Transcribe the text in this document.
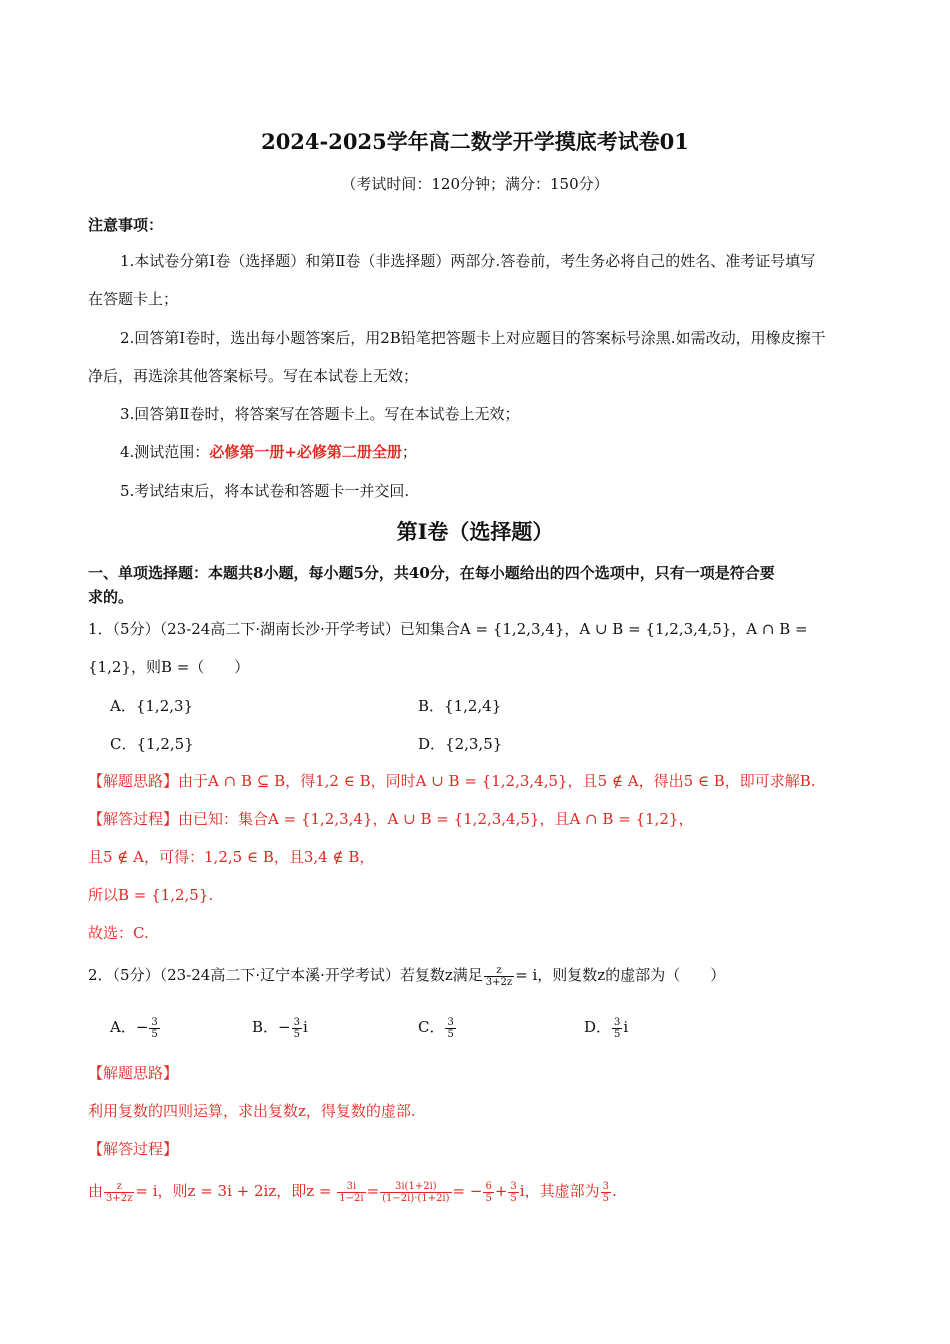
2024-2025学年高二数学开学摸底考试卷01
（考试时间：120分钟；满分：150分）
注意事项：
1.本试卷分第Ⅰ卷（选择题）和第Ⅱ卷（非选择题）两部分.答卷前，考生务必将自己的姓名、准考证号填写
在答题卡上；
2.回答第Ⅰ卷时，选出每小题答案后，用2B铅笔把答题卡上对应题目的答案标号涂黑.如需改动，用橡皮擦干
净后，再选涂其他答案标号。写在本试卷上无效；
3.回答第Ⅱ卷时，将答案写在答题卡上。写在本试卷上无效；
4.测试范围：必修第一册+必修第二册全册；
5.考试结束后，将本试卷和答题卡一并交回.
第Ⅰ卷（选择题）
一、单项选择题：本题共8小题，每小题5分，共40分，在每小题给出的四个选项中，只有一项是符合要
求的。
1．（5分）（23-24高二下·湖南长沙·开学考试）已知集合A = {1,2,3,4}，A ∪ B = {1,2,3,4,5}，A ∩ B =
{1,2}，则B =（　　）
A．{1,2,3}	B．{1,2,4}
C．{1,2,5}	D．{2,3,5}
【解题思路】由于A ∩ B ⊆ B，得1,2 ∈ B，同时A ∪ B = {1,2,3,4,5}，且5 ∉ A，得出5 ∈ B，即可求解B.
【解答过程】由已知：集合A = {1,2,3,4}，A ∪ B = {1,2,3,4,5}，且A ∩ B = {1,2}，
且5 ∉ A，可得：1,2,5 ∈ B，且3,4 ∉ B，
所以B = {1,2,5}.
故选：C.
2．（5分）（23-24高二下·辽宁本溪·开学考试）若复数z满足 $\frac{z}{3+2z} = i$，则复数z的虚部为（　　）
A．− $\frac{3}{5}$	B．− $\frac{3}{5}$ i	C． $\frac{3}{5}$	D． $\frac{3}{5}$ i
【解题思路】
利用复数的四则运算，求出复数z，得复数的虚部.
【解答过程】
由 $\frac{z}{3+2z} = i$，则z = 3i + 2iz，即$z = \frac{3i}{1-2i} = \frac{3i(1+2i)}{(1-2i)\cdot(1+2i)}$ = − $\frac{6}{5} + \frac{3}{5}$ i，其虚部为 $\frac{3}{5}$ .
